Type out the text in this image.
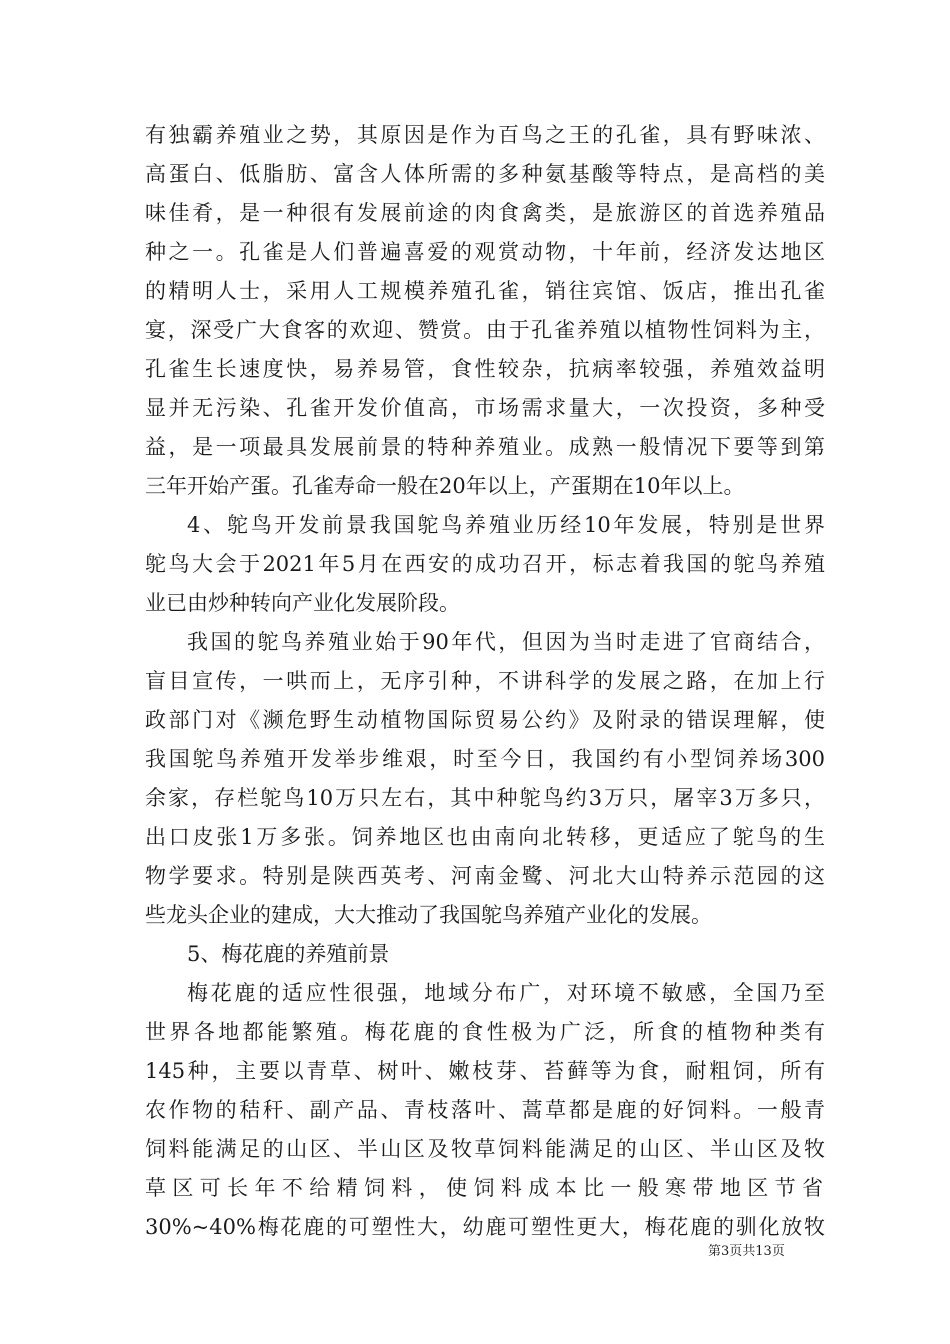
有独霸养殖业之势，其原因是作为百鸟之王的孔雀，具有野味浓、
高蛋白、低脂肪、富含人体所需的多种氨基酸等特点，是高档的美
味佳肴，是一种很有发展前途的肉食禽类，是旅游区的首选养殖品
种之一。孔雀是人们普遍喜爱的观赏动物，十年前，经济发达地区
的精明人士，采用人工规模养殖孔雀，销往宾馆、饭店，推出孔雀
宴，深受广大食客的欢迎、赞赏。由于孔雀养殖以植物性饲料为主，
孔雀生长速度快，易养易管，食性较杂，抗病率较强，养殖效益明
显并无污染、孔雀开发价值高，市场需求量大，一次投资，多种受
益，是一项最具发展前景的特种养殖业。成熟一般情况下要等到第
三年开始产蛋。孔雀寿命一般在20年以上，产蛋期在10年以上。
4、鸵鸟开发前景我国鸵鸟养殖业历经10年发展，特别是世界
鸵鸟大会于2021年5月在西安的成功召开，标志着我国的鸵鸟养殖
业已由炒种转向产业化发展阶段。
我国的鸵鸟养殖业始于90年代，但因为当时走进了官商结合，
盲目宣传，一哄而上，无序引种，不讲科学的发展之路，在加上行
政部门对《濒危野生动植物国际贸易公约》及附录的错误理解，使
我国鸵鸟养殖开发举步维艰，时至今日，我国约有小型饲养场300
余家，存栏鸵鸟10万只左右，其中种鸵鸟约3万只，屠宰3万多只，
出口皮张1万多张。饲养地区也由南向北转移，更适应了鸵鸟的生
物学要求。特别是陕西英考、河南金鹭、河北大山特养示范园的这
些龙头企业的建成，大大推动了我国鸵鸟养殖产业化的发展。
5、梅花鹿的养殖前景
梅花鹿的适应性很强，地域分布广，对环境不敏感，全国乃至
世界各地都能繁殖。梅花鹿的食性极为广泛，所食的植物种类有
145种，主要以青草、树叶、嫩枝芽、苔藓等为食，耐粗饲，所有
农作物的秸秆、副产品、青枝落叶、蒿草都是鹿的好饲料。一般青
饲料能满足的山区、半山区及牧草饲料能满足的山区、半山区及牧
草区可长年不给精饲料，使饲料成本比一般寒带地区节省
30%~40%梅花鹿的可塑性大，幼鹿可塑性更大，梅花鹿的驯化放牧
第3页共13页
